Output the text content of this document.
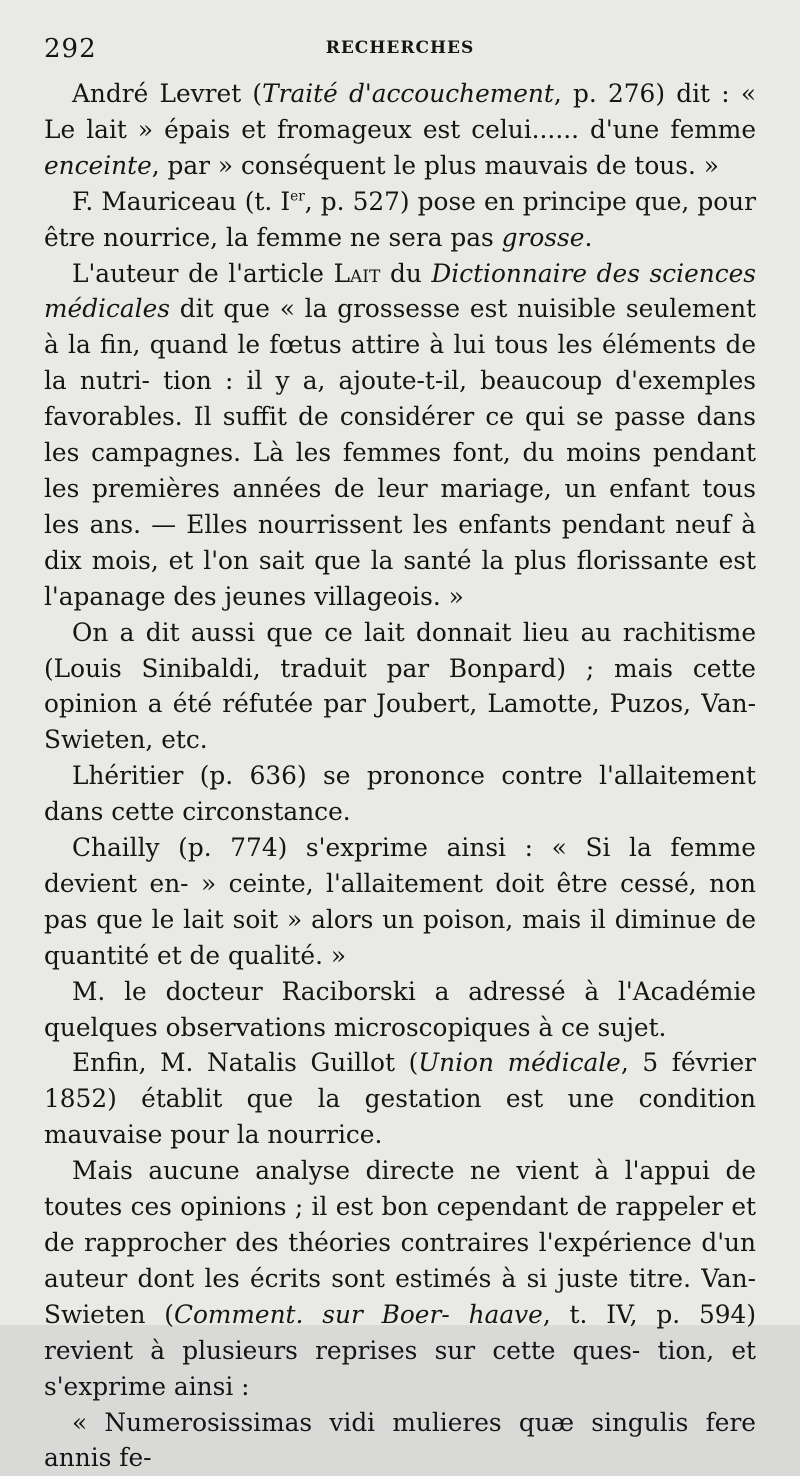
292	RECHERCHES

André Levret (Traité d'accouchement, p. 276) dit : « Le lait » épais et fromageux est celui...... d'une femme enceinte, par » conséquent le plus mauvais de tous. »

F. Mauriceau (t. Ier, p. 527) pose en principe que, pour être nourrice, la femme ne sera pas grosse.

L'auteur de l'article Lait du Dictionnaire des sciences médicales dit que « la grossesse est nuisible seulement à la fin, quand le fœtus attire à lui tous les éléments de la nutri- tion : il y a, ajoute-t-il, beaucoup d'exemples favorables. Il suffit de considérer ce qui se passe dans les campagnes. Là les femmes font, du moins pendant les premières années de leur mariage, un enfant tous les ans. — Elles nourrissent les enfants pendant neuf à dix mois, et l'on sait que la santé la plus florissante est l'apanage des jeunes villageois. »

On a dit aussi que ce lait donnait lieu au rachitisme (Louis Sinibaldi, traduit par Bonpard) ; mais cette opinion a été réfutée par Joubert, Lamotte, Puzos, Van-Swieten, etc.

Lhéritier (p. 636) se prononce contre l'allaitement dans cette circonstance.

Chailly (p. 774) s'exprime ainsi : « Si la femme devient en- » ceinte, l'allaitement doit être cessé, non pas que le lait soit » alors un poison, mais il diminue de quantité et de qualité. »

M. le docteur Raciborski a adressé à l'Académie quelques observations microscopiques à ce sujet.

Enfin, M. Natalis Guillot (Union médicale, 5 février 1852) établit que la gestation est une condition mauvaise pour la nourrice.

Mais aucune analyse directe ne vient à l'appui de toutes ces opinions ; il est bon cependant de rappeler et de rapprocher des théories contraires l'expérience d'un auteur dont les écrits sont estimés à si juste titre. Van-Swieten (Comment. sur Boer- haave, t. IV, p. 594) revient à plusieurs reprises sur cette ques- tion, et s'exprime ainsi :

« Numerosissimas vidi mulieres quæ singulis fere annis fe-
